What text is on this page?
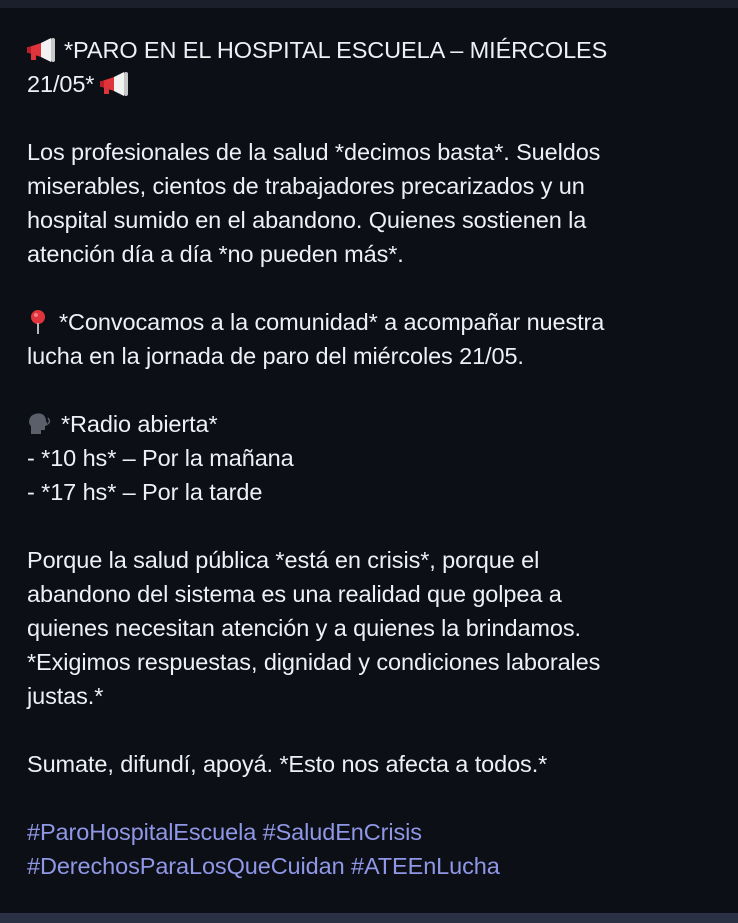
*PARO EN EL HOSPITAL ESCUELA – MIÉRCOLES
21/05*
Los profesionales de la salud *decimos basta*. Sueldos
miserables, cientos de trabajadores precarizados y un
hospital sumido en el abandono. Quienes sostienen la
atención día a día *no pueden más*.
*Convocamos a la comunidad* a acompañar nuestra
lucha en la jornada de paro del miércoles 21/05.
*Radio abierta*
- *10 hs* – Por la mañana
- *17 hs* – Por la tarde
Porque la salud pública *está en crisis*, porque el
abandono del sistema es una realidad que golpea a
quienes necesitan atención y a quienes la brindamos.
*Exigimos respuestas, dignidad y condiciones laborales
justas.*
Sumate, difundí, apoyá. *Esto nos afecta a todos.*
#ParoHospitalEscuela #SaludEnCrisis
#DerechosParaLosQueCuidan #ATEEnLucha
